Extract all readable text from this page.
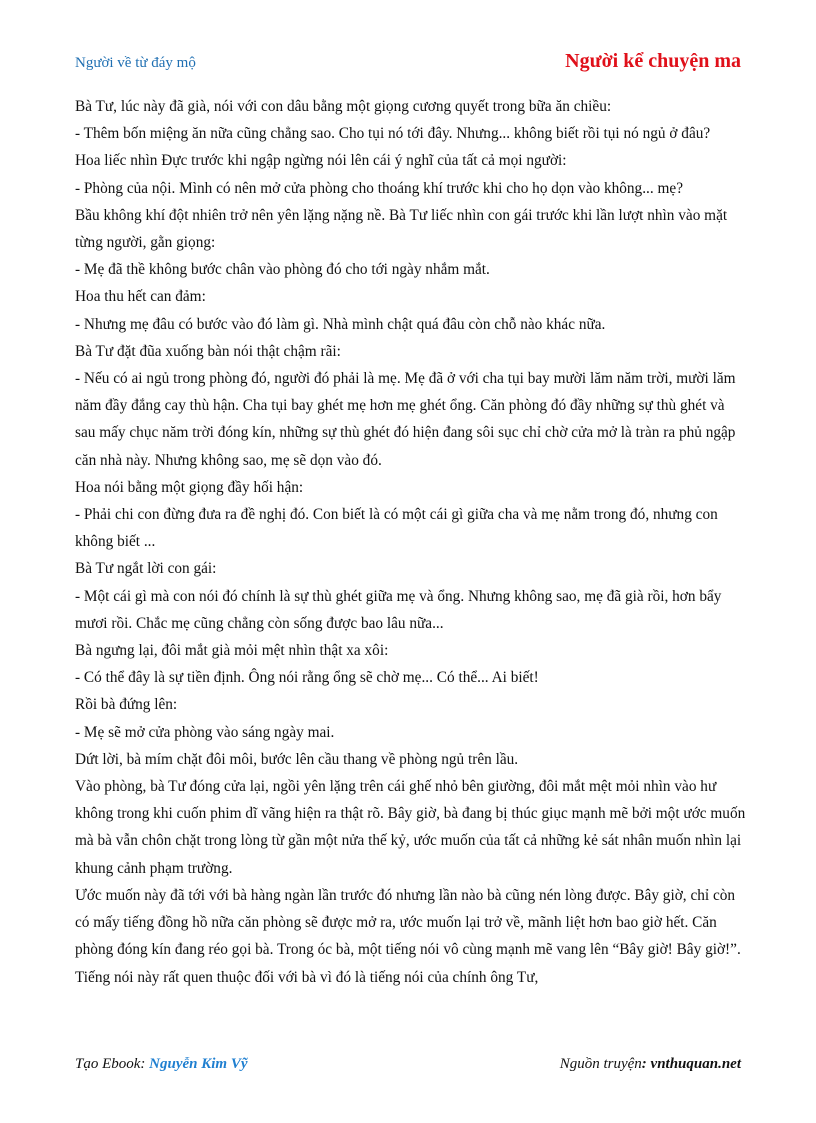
Người về từ đáy mộ	Người kể chuyện ma

Bà Tư, lúc này đã già, nói với con dâu bằng một giọng cương quyết trong bữa ăn chiều:

- Thêm bốn miệng ăn nữa cũng chẳng sao. Cho tụi nó tới đây. Nhưng... không biết rồi tụi nó ngủ ở đâu?

Hoa liếc nhìn Đực trước khi ngập ngừng nói lên cái ý nghĩ của tất cả mọi người:

- Phòng của nội. Mình có nên mở cửa phòng cho thoáng khí trước khi cho họ dọn vào không... mẹ?

Bầu không khí đột nhiên trở nên yên lặng nặng nề. Bà Tư liếc nhìn con gái trước khi lần lượt nhìn vào mặt từng người, gằn giọng:

- Mẹ đã thề không bước chân vào phòng đó cho tới ngày nhắm mắt.

Hoa thu hết can đảm:

- Nhưng mẹ đâu có bước vào đó làm gì. Nhà mình chật quá đâu còn chỗ nào khác nữa.

Bà Tư đặt đũa xuống bàn nói thật chậm rãi:

- Nếu có ai ngủ trong phòng đó, người đó phải là mẹ. Mẹ đã ở với cha tụi bay mười lăm năm trời, mười lăm năm đầy đắng cay thù hận. Cha tụi bay ghét mẹ hơn mẹ ghét ổng. Căn phòng đó đầy những sự thù ghét và sau mấy chục năm trời đóng kín, những sự thù ghét đó hiện đang sôi sục chỉ chờ cửa mở là tràn ra phủ ngập căn nhà này. Nhưng không sao, mẹ sẽ dọn vào đó.

Hoa nói bằng một giọng đầy hối hận:

- Phải chi con đừng đưa ra đề nghị đó. Con biết là có một cái gì giữa cha và mẹ nằm trong đó, nhưng con không biết ...

Bà Tư ngắt lời con gái:

- Một cái gì mà con nói đó chính là sự thù ghét giữa mẹ và ổng. Nhưng không sao, mẹ đã già rồi, hơn bẩy mươi rồi. Chắc mẹ cũng chẳng còn sống được bao lâu nữa...

Bà ngưng lại, đôi mắt già mỏi mệt nhìn thật xa xôi:

- Có thể đây là sự tiền định. Ông nói rằng ổng sẽ chờ mẹ... Có thể... Ai biết!

Rồi bà đứng lên:

- Mẹ sẽ mở cửa phòng vào sáng ngày mai.

Dứt lời, bà mím chặt đôi môi, bước lên cầu thang về phòng ngủ trên lầu.

Vào phòng, bà Tư đóng cửa lại, ngồi yên lặng trên cái ghế nhỏ bên giường, đôi mắt mệt mỏi nhìn vào hư không trong khi cuốn phim dĩ vãng hiện ra thật rõ. Bây giờ, bà đang bị thúc giục mạnh mẽ bởi một ước muốn mà bà vẫn chôn chặt trong lòng từ gần một nửa thế kỷ, ước muốn của tất cả những kẻ sát nhân muốn nhìn lại khung cảnh phạm trường.

Ước muốn này đã tới với bà hàng ngàn lần trước đó nhưng lần nào bà cũng nén lòng được. Bây giờ, chỉ còn có mấy tiếng đồng hồ nữa căn phòng sẽ được mở ra, ước muốn lại trở về, mãnh liệt hơn bao giờ hết. Căn phòng đóng kín đang réo gọi bà. Trong óc bà, một tiếng nói vô cùng mạnh mẽ vang lên “Bây giờ! Bây giờ!”. Tiếng nói này rất quen thuộc đối với bà vì đó là tiếng nói của chính ông Tư,

Tạo Ebook: Nguyễn Kim Vỹ	Nguồn truyện: vnthuquan.net
